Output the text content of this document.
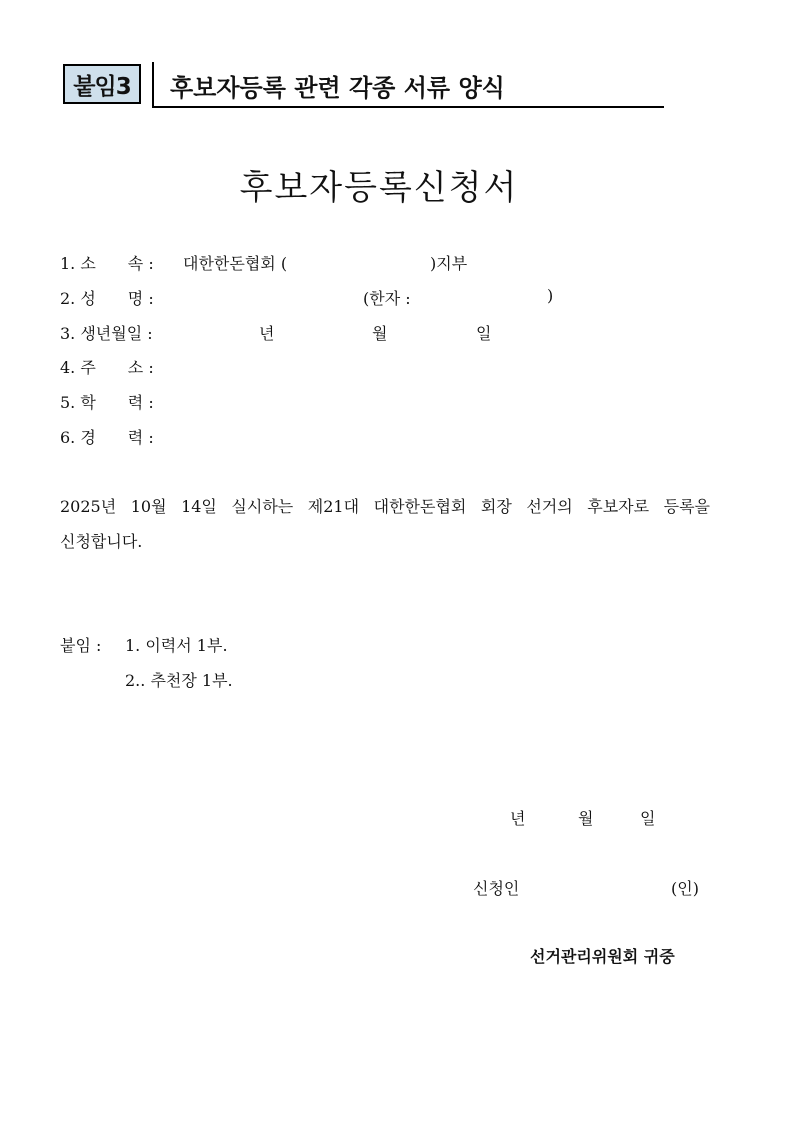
붙임3	후보자등록 관련 각종 서류 양식
후보자등록신청서
1. 소　　속 : 대한한돈협회 (	)지부
2. 성　　명 :	(한자 :	)
3. 생년월일 :	년	월	일
4. 주　　소 :
5. 학　　력 :
6. 경　　력 :
2025년 10월 14일 실시하는 제21대 대한한돈협회 회장 선거의 후보자로 등록을
신청합니다.
붙임 : 1. 이력서 1부.
2.. 추천장 1부.
년	월	일
신청인	(인)
선거관리위원회 귀중
